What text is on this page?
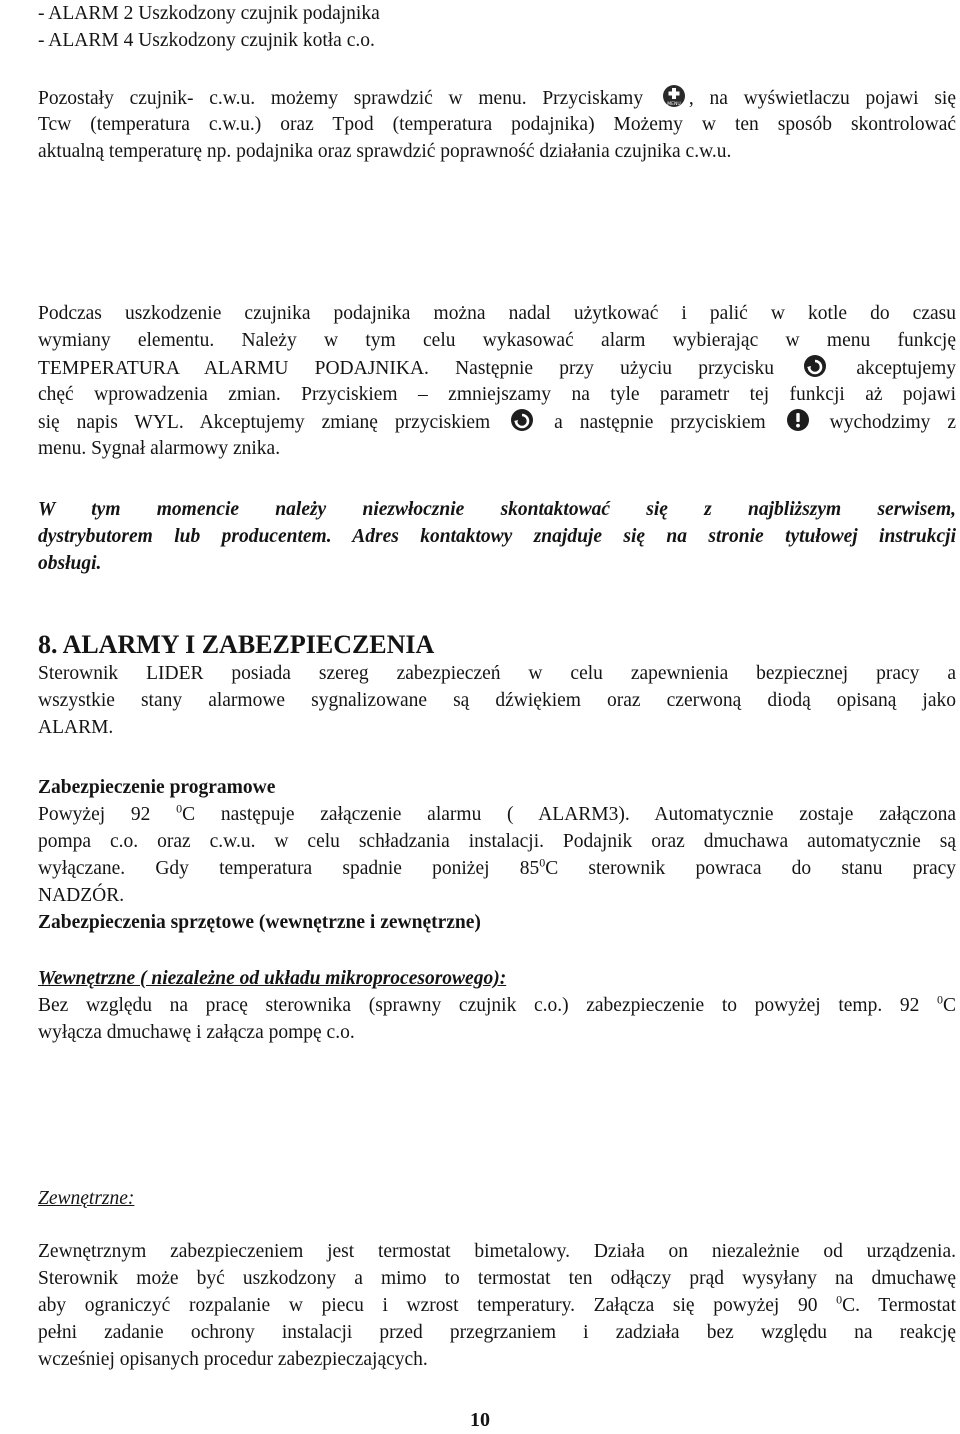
- ALARM 2 Uszkodzony czujnik podajnika
- ALARM 4 Uszkodzony czujnik kotła c.o.
Pozostały czujnik- c.w.u. możemy sprawdzić w menu. Przyciskamy MENU , na wyświetlaczu pojawi się
Tcw (temperatura c.w.u.) oraz Tpod (temperatura podajnika) Możemy w ten sposób skontrolować
aktualną temperaturę np. podajnika oraz sprawdzić poprawność działania czujnika c.w.u.
Podczas uszkodzenie czujnika podajnika można nadal użytkować i palić w kotle do czasu
wymiany elementu. Należy w tym celu wykasować alarm wybierając w menu funkcję
TEMPERATURA ALARMU PODAJNIKA. Następnie przy użyciu przycisku
akceptujemy
chęć wprowadzenia zmian. Przyciskiem – zmniejszamy na tyle parametr tej funkcji aż pojawi
się napis WYL. Akceptujemy zmianę przyciskiem
a następnie przyciskiem
wychodzimy z
menu. Sygnał alarmowy znika.
W tym momencie należy niezwłocznie skontaktować się z najbliższym serwisem,
dystrybutorem lub producentem. Adres kontaktowy znajduje się na stronie tytułowej instrukcji
obsługi.
8. ALARMY I ZABEZPIECZENIA
Sterownik LIDER posiada szereg zabezpieczeń w celu zapewnienia bezpiecznej pracy a
wszystkie stany alarmowe sygnalizowane są dźwiękiem oraz czerwoną diodą opisaną jako
ALARM.
Zabezpieczenie programowe
Powyżej 92 $^0$C następuje załączenie alarmu ( ALARM3). Automatycznie zostaje załączona
pompa c.o. oraz c.w.u. w celu schładzania instalacji. Podajnik oraz dmuchawa automatycznie są
wyłączane. Gdy temperatura spadnie poniżej $85^0C$ sterownik powraca do stanu pracy
NADZÓR.
Zabezpieczenia sprzętowe (wewnętrzne i zewnętrzne)
Wewnętrzne ( niezależne od układu mikroprocesorowego):
Bez względu na pracę sterownika (sprawny czujnik c.o.) zabezpieczenie to powyżej temp. 92 $^0$C
wyłącza dmuchawę i załącza pompę c.o.
Zewnętrzne:
Zewnętrznym zabezpieczeniem jest termostat bimetalowy. Działa on niezależnie od urządzenia.
Sterownik może być uszkodzony a mimo to termostat ten odłączy prąd wysyłany na dmuchawę
aby ograniczyć rozpalanie w piecu i wzrost temperatury. Załącza się powyżej 90 $^0$C. Termostat
pełni zadanie ochrony instalacji przed przegrzaniem i zadziała bez względu na reakcję
wcześniej opisanych procedur zabezpieczających.
10
